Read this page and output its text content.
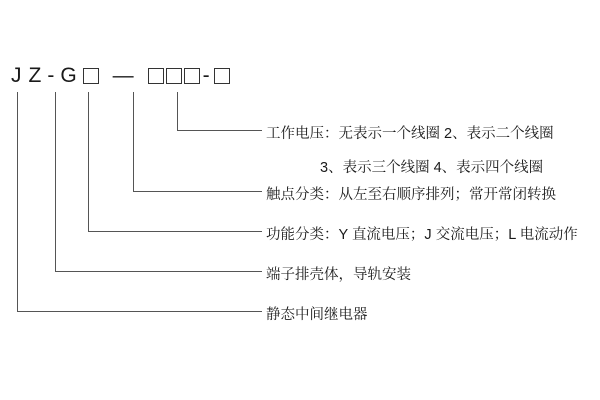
J Z - G —	-
工作电压：无表示一个线圈 2、表示二个线圈
3、表示三个线圈 4、表示四个线圈
触点分类：从左至右顺序排列；常开常闭转换
功能分类：Y 直流电压；J 交流电压；L 电流动作
端子排壳体，导轨安装
静态中间继电器
